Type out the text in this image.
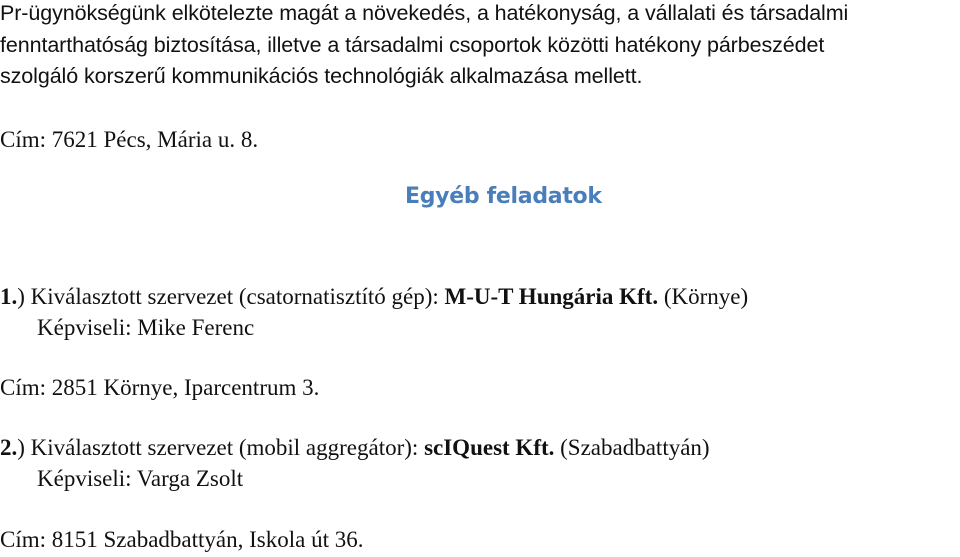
Pr-ügynökségünk elkötelezte magát a növekedés, a hatékonyság, a vállalati és társadalmi
fenntarthatóság biztosítása, illetve a társadalmi csoportok közötti hatékony párbeszédet
szolgáló korszerű kommunikációs technológiák alkalmazása mellett.
Cím: 7621 Pécs, Mária u. 8.
Egyéb feladatok
1.) Kiválasztott szervezet (csatornatisztító gép): M-U-T Hungária Kft. (Környe)
Képviseli: Mike Ferenc
Cím: 2851 Környe, Iparcentrum 3.
2.) Kiválasztott szervezet (mobil aggregátor): scIQuest Kft. (Szabadbattyán)
Képviseli: Varga Zsolt
Cím: 8151 Szabadbattyán, Iskola út 36.
